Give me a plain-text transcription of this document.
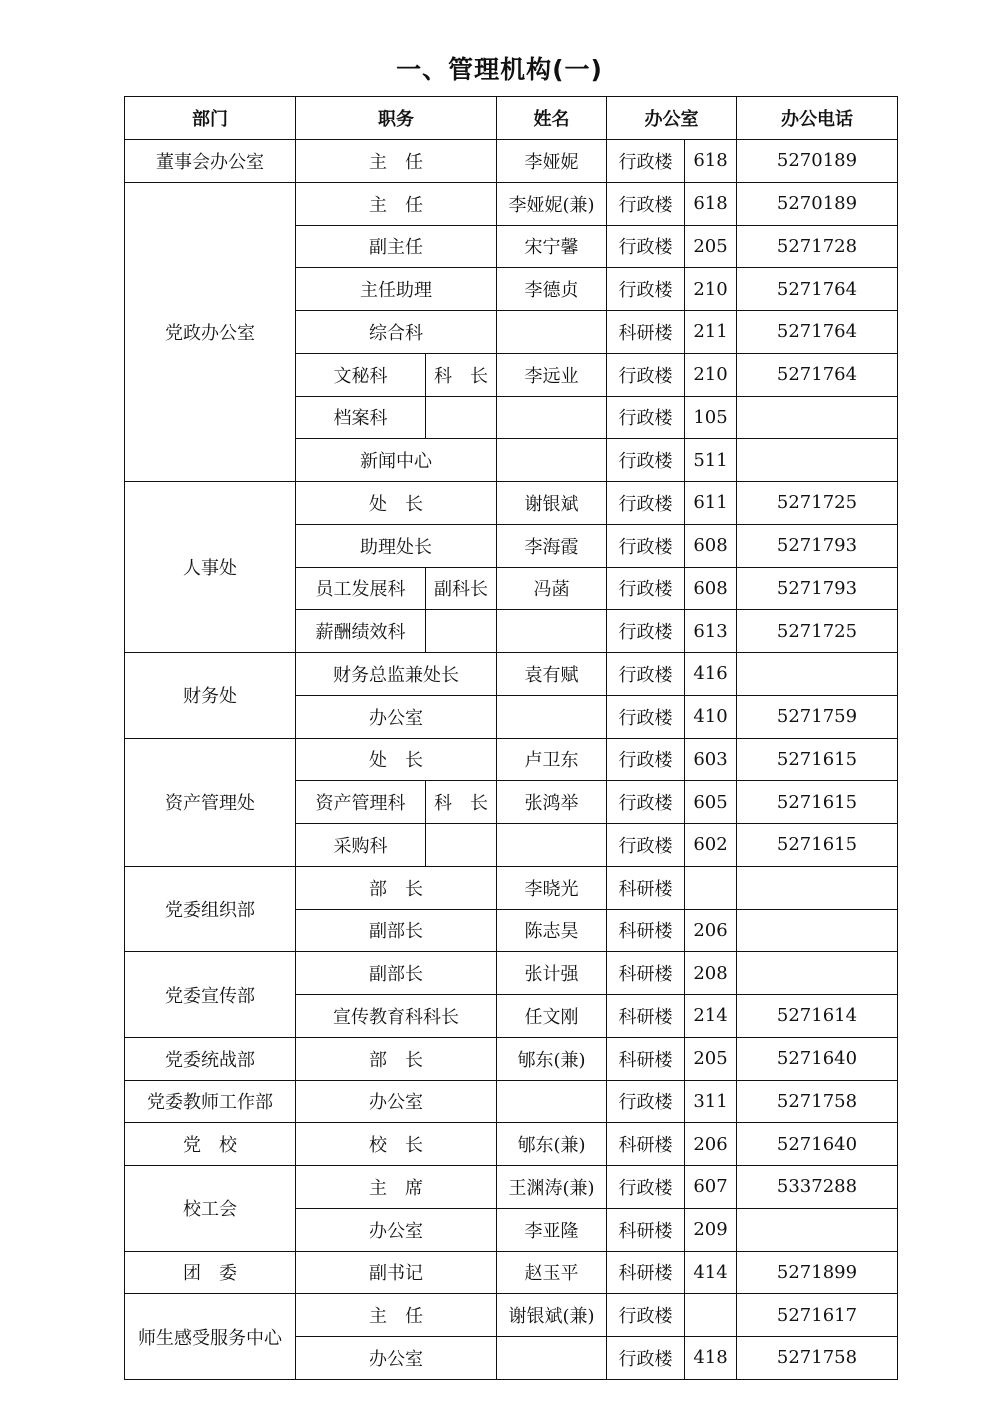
一、管理机构(一)
部门	职务		姓名	办公室		办公电话
董事会办公室	主　任		李娅妮	行政楼	618	5270189
党政办公室	主　任		李娅妮(兼)	行政楼	618	5270189
	副主任		宋宁馨	行政楼	205	5271728
	主任助理		李德贞	行政楼	210	5271764
	综合科			科研楼	211	5271764
	文秘科	科　长	李远业	行政楼	210	5271764
	档案科			行政楼	105	
	新闻中心			行政楼	511	
人事处	处　长		谢银斌	行政楼	611	5271725
	助理处长		李海霞	行政楼	608	5271793
	员工发展科	副科长	冯菡	行政楼	608	5271793
	薪酬绩效科			行政楼	613	5271725
财务处	财务总监兼处长		袁有赋	行政楼	416	
	办公室			行政楼	410	5271759
资产管理处	处　长		卢卫东	行政楼	603	5271615
	资产管理科	科　长	张鸿举	行政楼	605	5271615
	采购科			行政楼	602	5271615
党委组织部	部　长		李晓光	科研楼		
	副部长		陈志昊	科研楼	206	
党委宣传部	副部长		张计强	科研楼	208	
	宣传教育科科长		任文刚	科研楼	214	5271614
党委统战部	部　长		郇东(兼)	科研楼	205	5271640
党委教师工作部	办公室			行政楼	311	5271758
党　校	校　长		郇东(兼)	科研楼	206	5271640
校工会	主　席		王渊涛(兼)	行政楼	607	5337288
	办公室		李亚隆	科研楼	209	
团　委	副书记		赵玉平	科研楼	414	5271899
师生感受服务中心	主　任		谢银斌(兼)	行政楼		5271617
	办公室			行政楼	418	5271758
